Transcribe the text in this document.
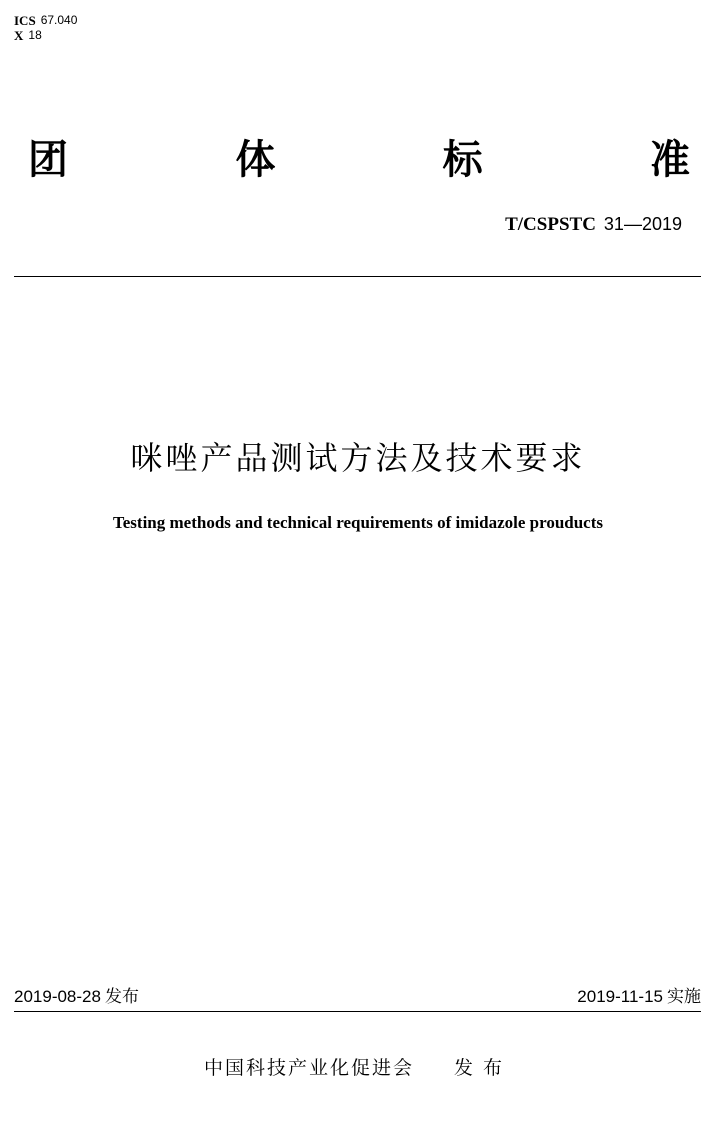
ICS 67.040
X 18
团	体	标	准
T/CSPSTC 31—2019
咪唑产品测试方法及技术要求
Testing methods and technical requirements of imidazole prouducts
2019-08-28 发布	2019-11-15 实施
中国科技产业化促进会 发布
